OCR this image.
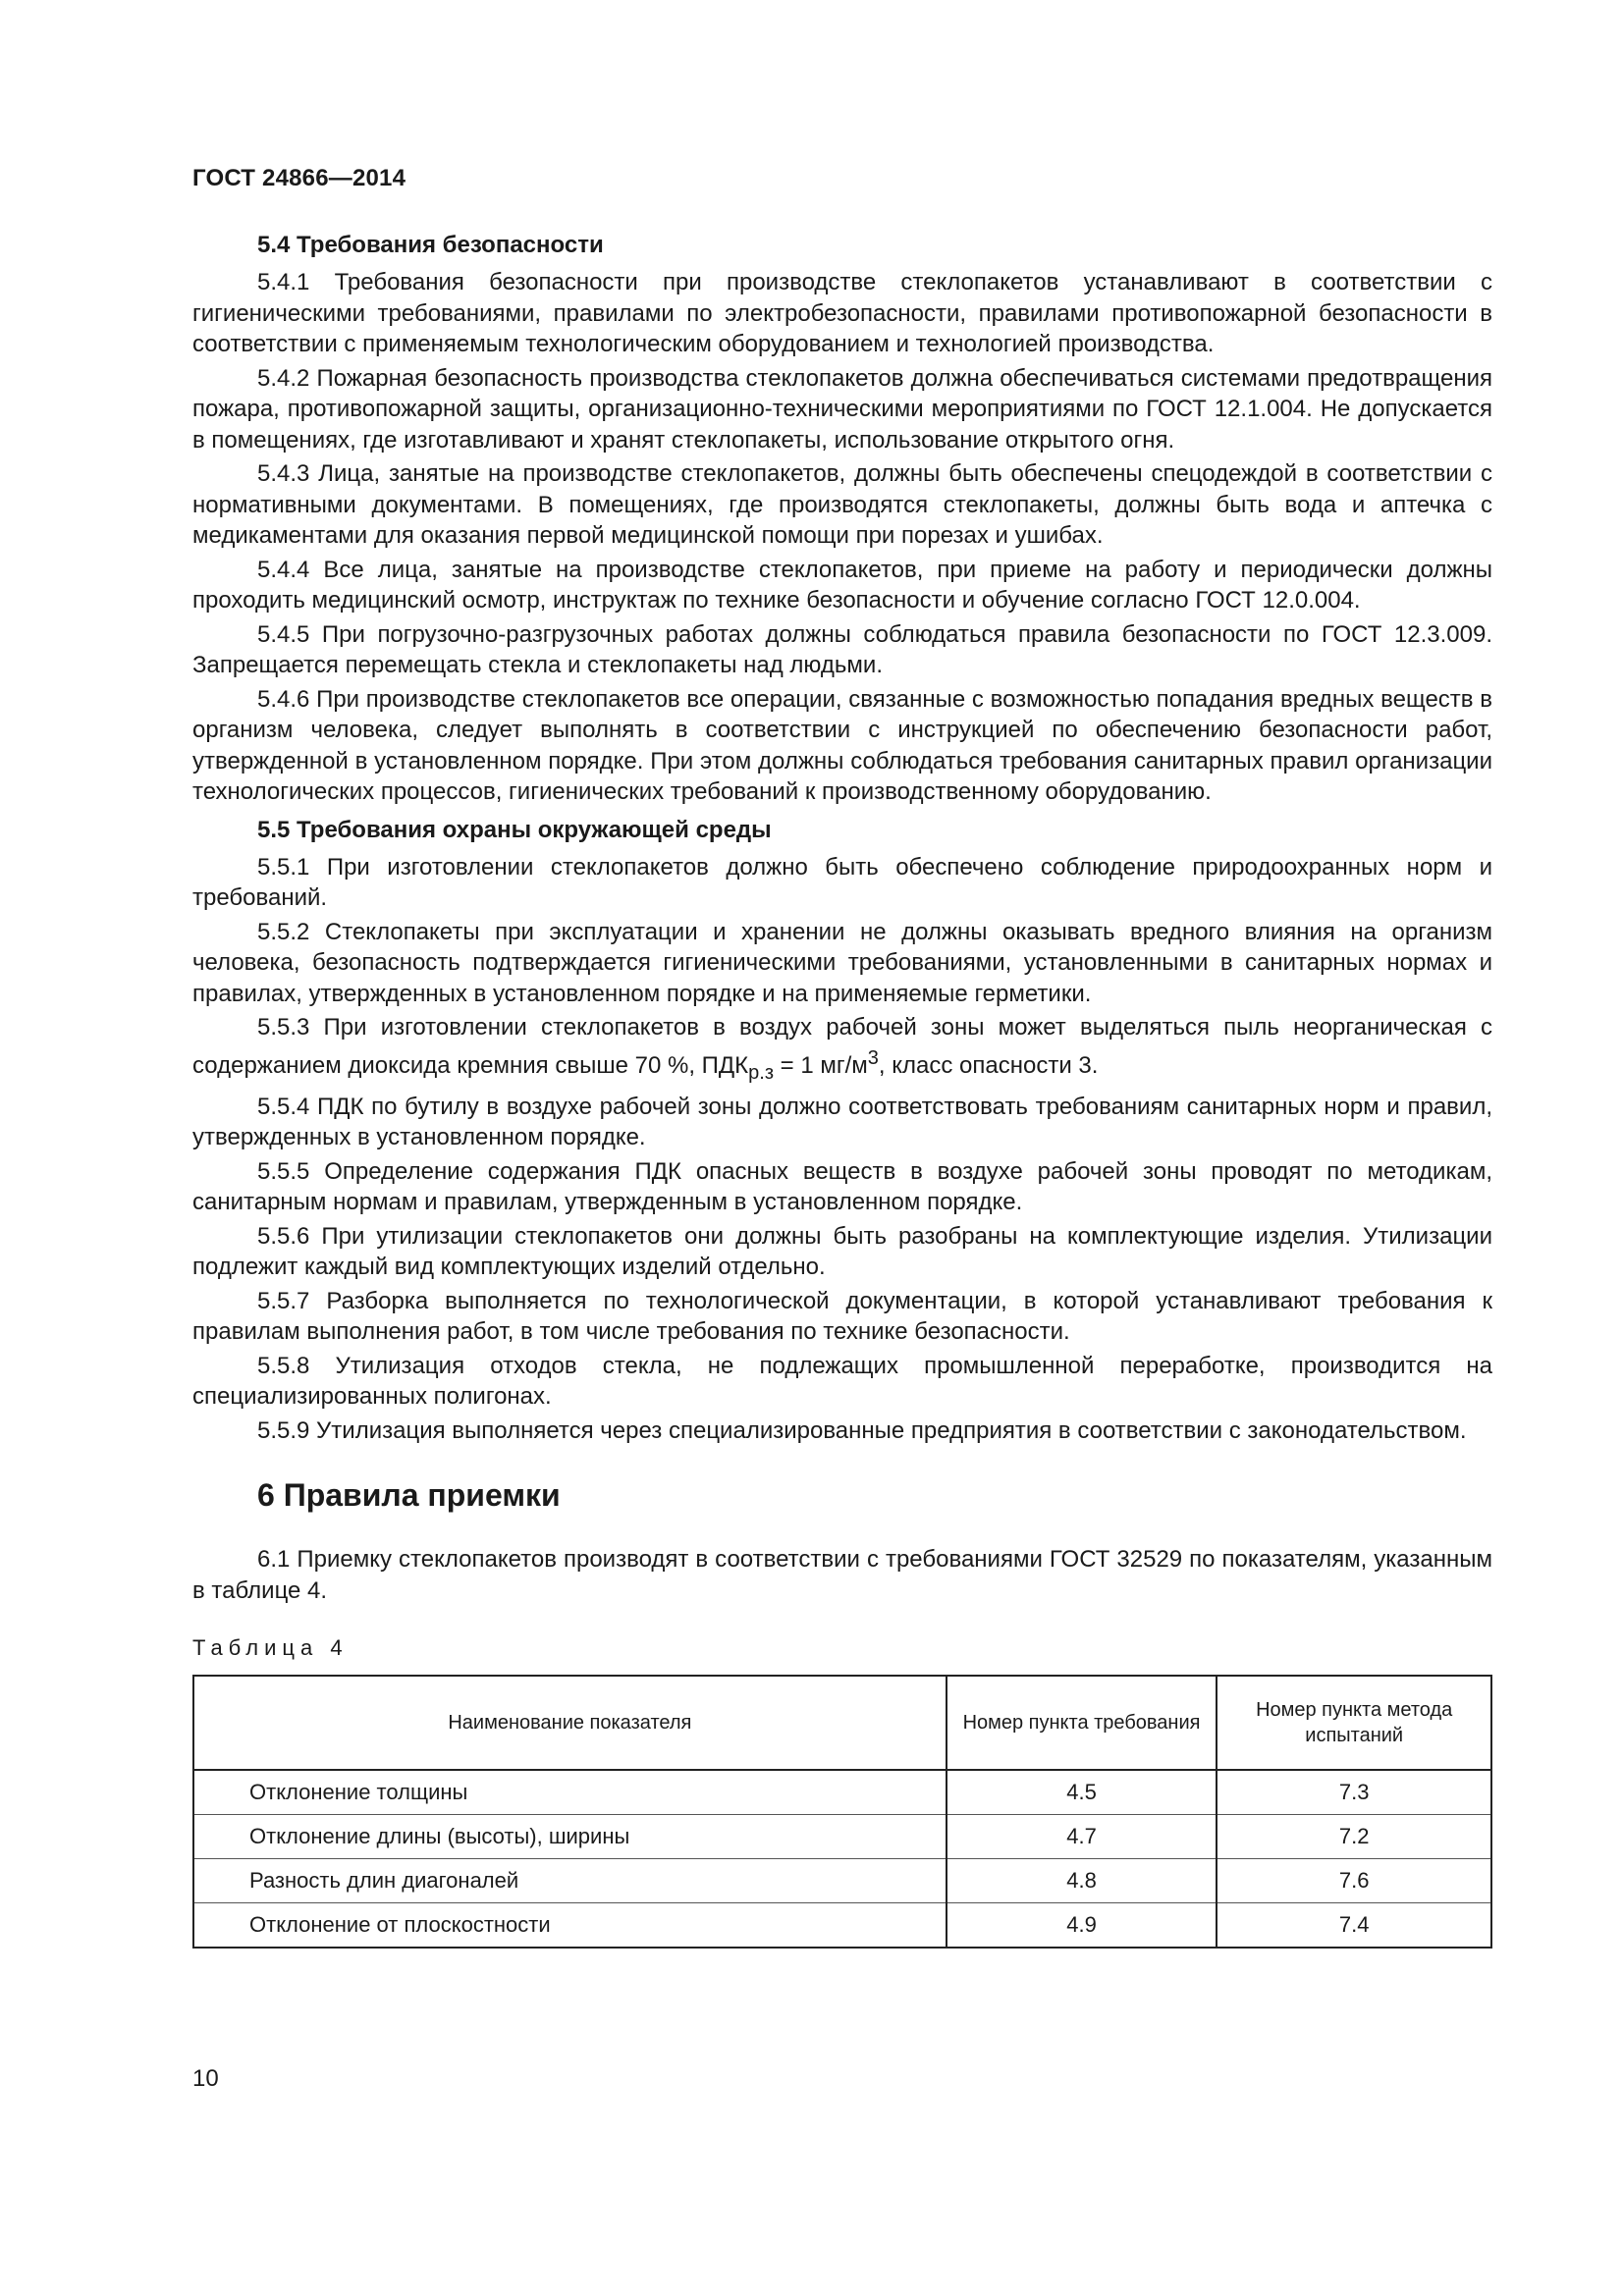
ГОСТ 24866—2014
5.4 Требования безопасности

5.4.1 Требования безопасности при производстве стеклопакетов устанавливают в соответствии с гигиеническими требованиями, правилами по электробезопасности, правилами противопожарной безопасности в соответствии с применяемым технологическим оборудованием и технологией производства.

5.4.2 Пожарная безопасность производства стеклопакетов должна обеспечиваться системами предотвращения пожара, противопожарной защиты, организационно-техническими мероприятиями по ГОСТ 12.1.004. Не допускается в помещениях, где изготавливают и хранят стеклопакеты, использование открытого огня.

5.4.3 Лица, занятые на производстве стеклопакетов, должны быть обеспечены спецодеждой в соответствии с нормативными документами. В помещениях, где производятся стеклопакеты, должны быть вода и аптечка с медикаментами для оказания первой медицинской помощи при порезах и ушибах.

5.4.4 Все лица, занятые на производстве стеклопакетов, при приеме на работу и периодически должны проходить медицинский осмотр, инструктаж по технике безопасности и обучение согласно ГОСТ 12.0.004.

5.4.5 При погрузочно-разгрузочных работах должны соблюдаться правила безопасности по ГОСТ 12.3.009. Запрещается перемещать стекла и стеклопакеты над людьми.

5.4.6 При производстве стеклопакетов все операции, связанные с возможностью попадания вредных веществ в организм человека, следует выполнять в соответствии с инструкцией по обеспечению безопасности работ, утвержденной в установленном порядке. При этом должны соблюдаться требования санитарных правил организации технологических процессов, гигиенических требований к производственному оборудованию.

5.5 Требования охраны окружающей среды

5.5.1 При изготовлении стеклопакетов должно быть обеспечено соблюдение природоохранных норм и требований.

5.5.2 Стеклопакеты при эксплуатации и хранении не должны оказывать вредного влияния на организм человека, безопасность подтверждается гигиеническими требованиями, установленными в санитарных нормах и правилах, утвержденных в установленном порядке и на применяемые герметики.

5.5.3 При изготовлении стеклопакетов в воздух рабочей зоны может выделяться пыль неорганическая с содержанием диоксида кремния свыше 70 %, $ПДК_{р.з} = 1$ $мг/м^3$, класс опасности 3.

5.5.4 ПДК по бутилу в воздухе рабочей зоны должно соответствовать требованиям санитарных норм и правил, утвержденных в установленном порядке.

5.5.5 Определение содержания ПДК опасных веществ в воздухе рабочей зоны проводят по методикам, санитарным нормам и правилам, утвержденным в установленном порядке.

5.5.6 При утилизации стеклопакетов они должны быть разобраны на комплектующие изделия. Утилизации подлежит каждый вид комплектующих изделий отдельно.

5.5.7 Разборка выполняется по технологической документации, в которой устанавливают требования к правилам выполнения работ, в том числе требования по технике безопасности.

5.5.8 Утилизация отходов стекла, не подлежащих промышленной переработке, производится на специализированных полигонах.

5.5.9 Утилизация выполняется через специализированные предприятия в соответствии с законодательством.

6 Правила приемки

6.1 Приемку стеклопакетов производят в соответствии с требованиями ГОСТ 32529 по показателям, указанным в таблице 4.

Таблица 4
Наименование показателя	Номер пункта требования	Номер пункта метода испытаний
Отклонение толщины	4.5	7.3
Отклонение длины (высоты), ширины	4.7	7.2
Разность длин диагоналей	4.8	7.6
Отклонение от плоскостности	4.9	7.4
10
